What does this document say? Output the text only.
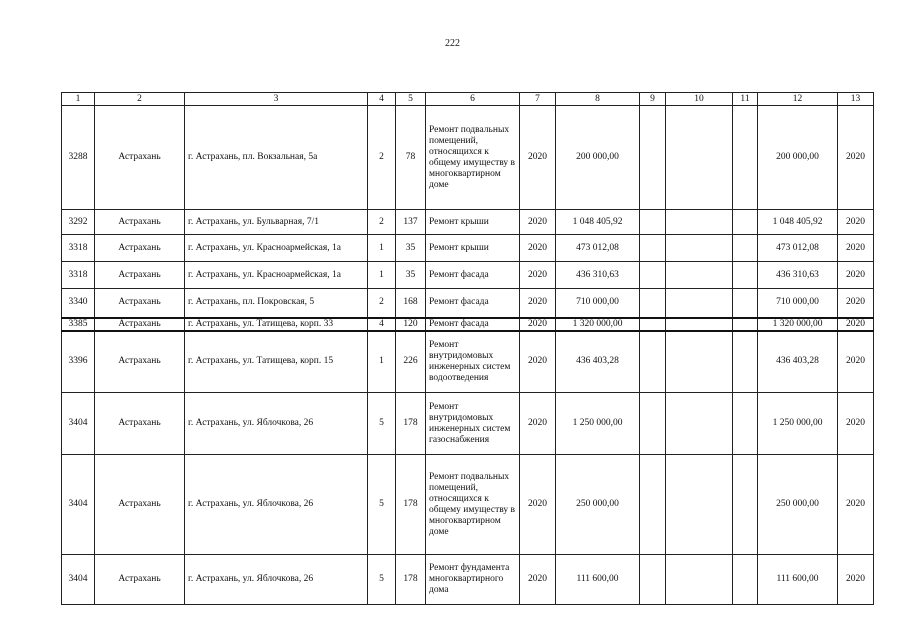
222
1	2	3	4	5	6	7	8	9	10	11	12	13
3288	Астрахань	г. Астрахань, пл. Вокзальная, 5а	2	78	Ремонт подвальных помещений, относящихся к общему имуществу в многоквартирном доме	2020	200 000,00				200 000,00	2020
3292	Астрахань	г. Астрахань, ул. Бульварная, 7/1	2	137	Ремонт крыши	2020	1 048 405,92				1 048 405,92	2020
3318	Астрахань	г. Астрахань, ул. Красноармейская, 1а	1	35	Ремонт крыши	2020	473 012,08				473 012,08	2020
3318	Астрахань	г. Астрахань, ул. Красноармейская, 1а	1	35	Ремонт фасада	2020	436 310,63				436 310,63	2020
3340	Астрахань	г. Астрахань, пл. Покровская, 5	2	168	Ремонт фасада	2020	710 000,00				710 000,00	2020
3385	Астрахань	г. Астрахань, ул. Татищева, корп. 33	4	120	Ремонт фасада	2020	1 320 000,00				1 320 000,00	2020
3396	Астрахань	г. Астрахань, ул. Татищева, корп. 15	1	226	Ремонт внутридомовых инженерных систем водоотведения	2020	436 403,28				436 403,28	2020
3404	Астрахань	г. Астрахань, ул. Яблочкова, 26	5	178	Ремонт внутридомовых инженерных систем газоснабжения	2020	1 250 000,00				1 250 000,00	2020
3404	Астрахань	г. Астрахань, ул. Яблочкова, 26	5	178	Ремонт подвальных помещений, относящихся к общему имуществу в многоквартирном доме	2020	250 000,00				250 000,00	2020
3404	Астрахань	г. Астрахань, ул. Яблочкова, 26	5	178	Ремонт фундамента многоквартирного дома	2020	111 600,00				111 600,00	2020
